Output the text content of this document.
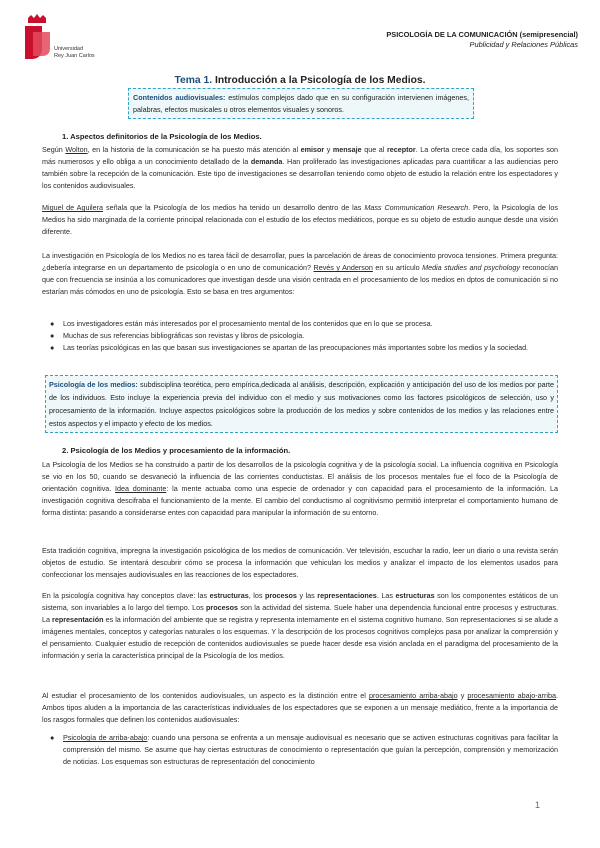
Universidad
Rey Juan Carlos
PSICOLOGÍA DE LA COMUNICACIÓN (semipresencial)
Publicidad y Relaciones Públicas
Tema 1. Introducción a la Psicología de los Medios.
Contenidos audiovisuales: estímulos complejos dado que en su configuración intervienen imágenes, palabras, efectos musicales u otros elementos visuales y sonoros.
1. Aspectos definitorios de la Psicología de los Medios.
Según Wolton, en la historia de la comunicación se ha puesto más atención al emisor y mensaje que al receptor. La oferta crece cada día, los soportes son más numerosos y ello obliga a un conocimiento detallado de la demanda. Han proliferado las investigaciones aplicadas para cuantificar a las audiencias pero también sobre la recepción de la comunicación. Este tipo de investigaciones se desarrollan teniendo como objeto de estudio la relación entre los espectadores y los contenidos audiovisuales.
Miguel de Aguilera señala que la Psicología de los medios ha tenido un desarrollo dentro de las Mass Communication Research. Pero, la Psicología de los Medios ha sido marginada de la corriente principal relacionada con el estudio de los efectos mediáticos, porque es su objeto de estudio aunque desde una visión diferente.
La investigación en Psicología de los Medios no es tarea fácil de desarrollar, pues la parcelación de áreas de conocimiento provoca tensiones. Primera pregunta: ¿debería integrarse en un departamento de psicología o en uno de comunicación? Revés y Anderson en su artículo Media studies and psychology reconocían que con frecuencia se insinúa a los comunicadores que investigan desde una visión centrada en el procesamiento de los medios en dptos de comunicación si no estarían más cómodos en uno de psicología. Esto se basa en tres argumentos:
● Los investigadores están más interesados por el procesamiento mental de los contenidos que en lo que se procesa.
● Muchas de sus referencias bibliográficas son revistas y libros de psicología.
● Las teorías psicológicas en las que basan sus investigaciones se apartan de las preocupaciones más importantes sobre los medios y la sociedad.
Psicología de los medios: subdisciplina teorética, pero empírica,dedicada al análisis, descripción, explicación y anticipación del uso de los medios por parte de los individuos. Esto incluye la experiencia previa del individuo con el medio y sus motivaciones como los factores psicológicos de selección, uso y procesamiento de la información. Incluye aspectos psicológicos sobre la producción de los medios y sobre contenidos de los medios y las relaciones entre estos aspectos y el impacto y efecto de los medios.
2. Psicología de los Medios y procesamiento de la información.
La Psicología de los Medios se ha construido a partir de los desarrollos de la psicología cognitiva y de la psicología social. La influencia cognitiva en Psicología se vio en los 50, cuando se desvaneció la influencia de las corrientes conductistas. El análisis de los procesos mentales fue el foco de la Psicología de orientación cognitiva. Idea dominante: la mente actuaba como una especie de ordenador y con capacidad para el procesamiento de la información. La investigación cognitiva descifraba el funcionamiento de la mente. El cambio del conductismo al cognitivismo permitió interpretar el comportamiento humano de forma distinta: pasando a considerarse entes con capacidad para manipular la información de su entorno.
Esta tradición cognitiva, impregna la investigación psicológica de los medios de comunicación. Ver televisión, escuchar la radio, leer un diario o una revista serán objetos de estudio. Se intentará descubrir cómo se procesa la información que vehiculan los medios y analizar el impacto de los elementos usados para confeccionar los mensajes audiovisuales en las reacciones de los espectadores.
En la psicología cognitiva hay conceptos clave: las estructuras, los procesos y las representaciones. Las estructuras son los componentes estáticos de un sistema, son invariables a lo largo del tiempo. Los procesos son la actividad del sistema. Suele haber una dependencia funcional entre procesos y estructuras. La representación es la información del ambiente que se registra y representa internamente en el sistema cognitivo humano. Son representaciones si se alude a imágenes mentales, conceptos y categorías naturales o los esquemas. Y la descripción de los procesos cognitivos complejos pasa por analizar la comprensión y el pensamiento. Cualquier estudio de recepción de contenidos audiovisuales se puede hacer desde esa visión anclada en el paradigma del procesamiento de la información y sería la característica principal de la Psicología de los medios.
Al estudiar el procesamiento de los contenidos audiovisuales, un aspecto es la distinción entre el procesamiento arriba-abajo y procesamiento abajo-arriba. Ambos tipos aluden a la importancia de las características individuales de los espectadores que se exponen a un mensaje mediático, frente a la importancia de los rasgos formales que definen los contenidos audiovisuales:
● Psicología de arriba-abajo: cuando una persona se enfrenta a un mensaje audiovisual es necesario que se activen estructuras cognitivas para facilitar la comprensión del mismo. Se asume que hay ciertas estructuras de conocimiento o representación que guían la percepción, comprensión y memorización de noticias. Los esquemas son estructuras de representación del conocimiento
1
